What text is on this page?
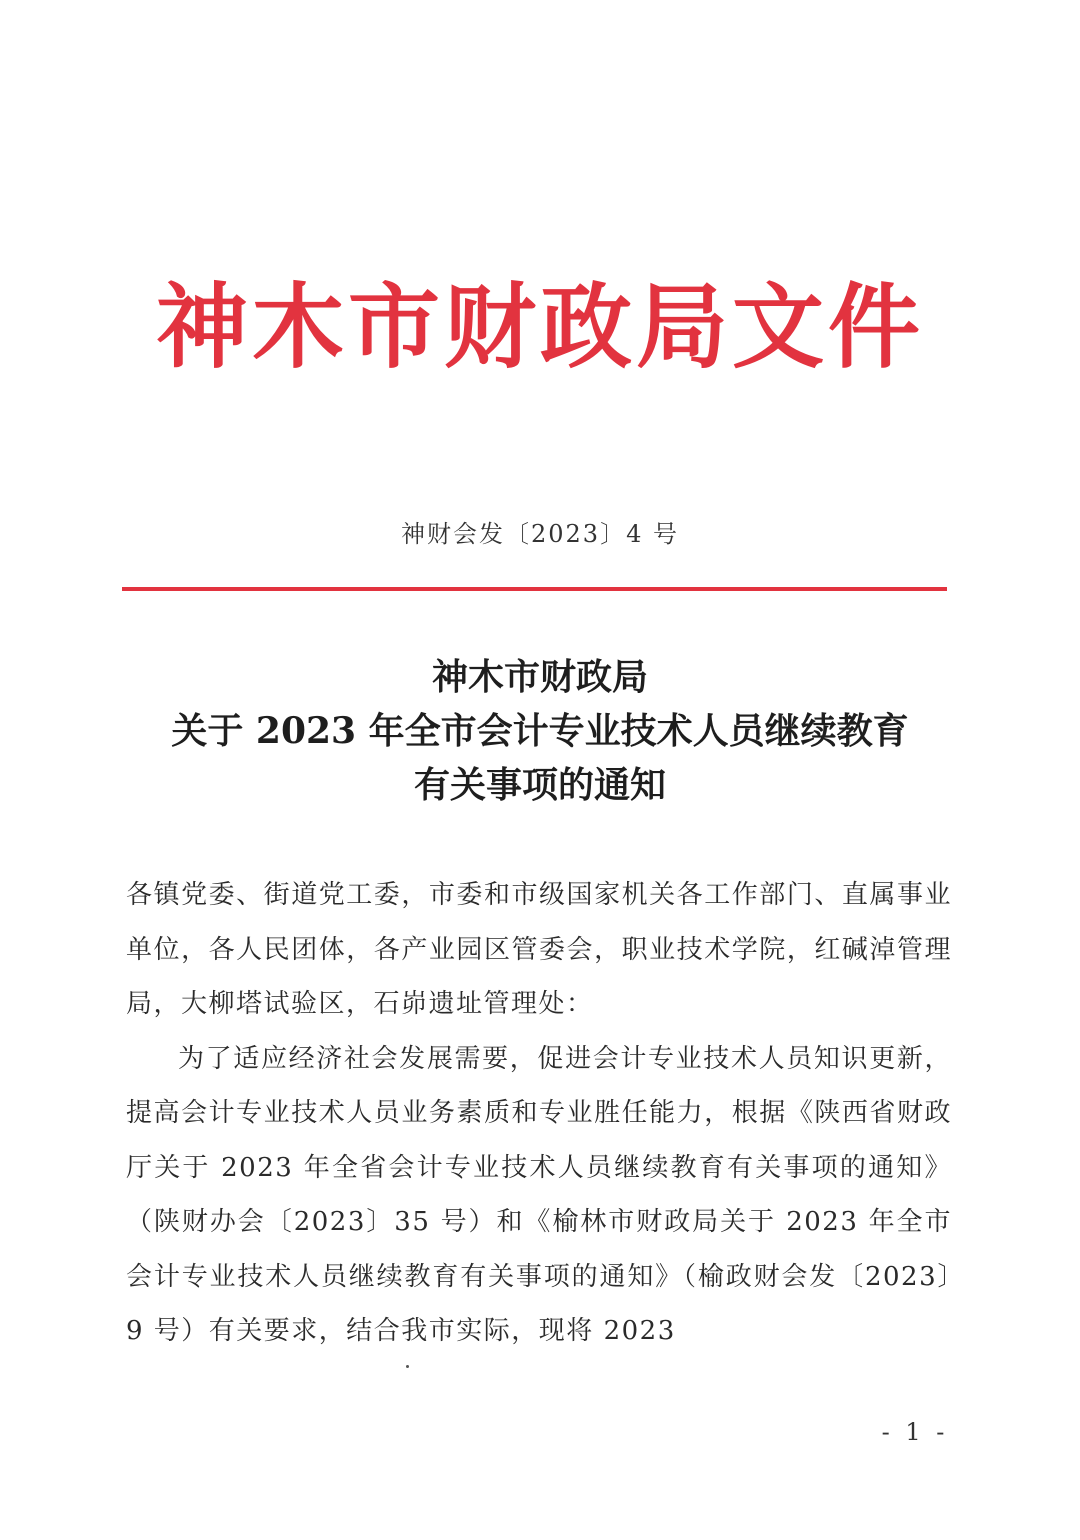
神木市财政局文件
神财会发〔2023〕4 号
神木市财政局
关于 2023 年全市会计专业技术人员继续教育
有关事项的通知

各镇党委、街道党工委，市委和市级国家机关各工作部门、直属事业单位，各人民团体，各产业园区管委会，职业技术学院，红碱淖管理局，大柳塔试验区，石峁遗址管理处：

为了适应经济社会发展需要，促进会计专业技术人员知识更新，提高会计专业技术人员业务素质和专业胜任能力，根据《陕西省财政厅关于 2023 年全省会计专业技术人员继续教育有关事项的通知》（陕财办会〔2023〕35 号）和《榆林市财政局关于 2023 年全市会计专业技术人员继续教育有关事项的通知》（榆政财会发〔2023〕9 号）有关要求，结合我市实际，现将 2023

- 1 -
